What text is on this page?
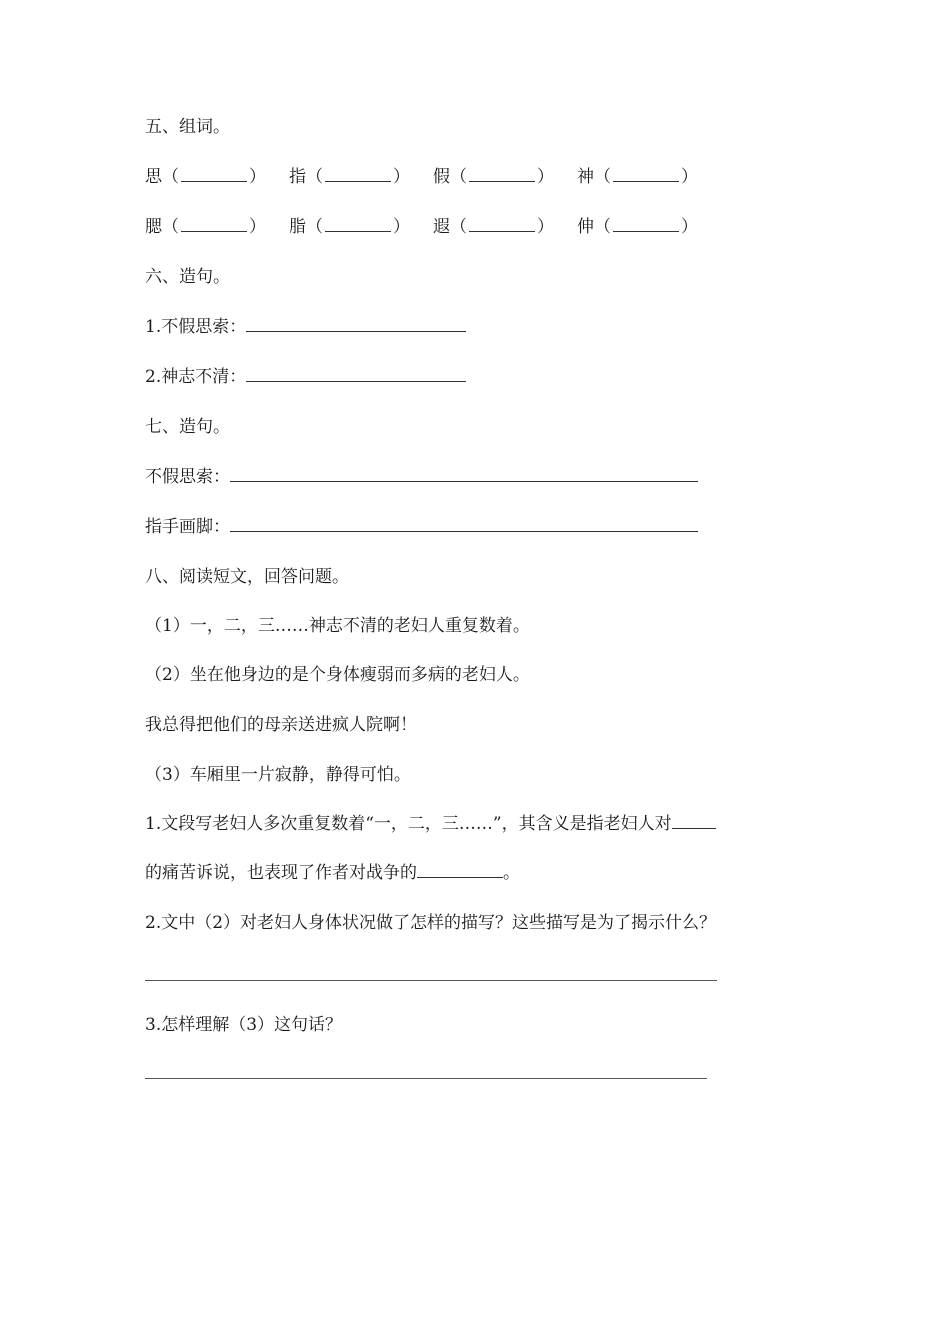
五、组词。
思 （	） 指 （	） 假 （	） 神 （	）
腮 （	） 脂 （	） 遐 （	） 伸 （	）
六、造句。
1.不假思索：
2.神志不清：
七、造句。
不假思索：
指手画脚：
八、阅读短文，回答问题。
（1）一，二，三……神志不清的老妇人重复数着。
（2）坐在他身边的是个身体瘦弱而多病的老妇人。
我总得把他们的母亲送进疯人院啊！
（3）车厢里一片寂静，静得可怕。
1.文段写老妇人多次重复数着“一，二，三……”，其含义是指老妇人对
的痛苦诉说，也表现了作者对战争的	。
2.文中（2）对老妇人身体状况做了怎样的描写？这些描写是为了揭示什么？
3.怎样理解（3）这句话？
